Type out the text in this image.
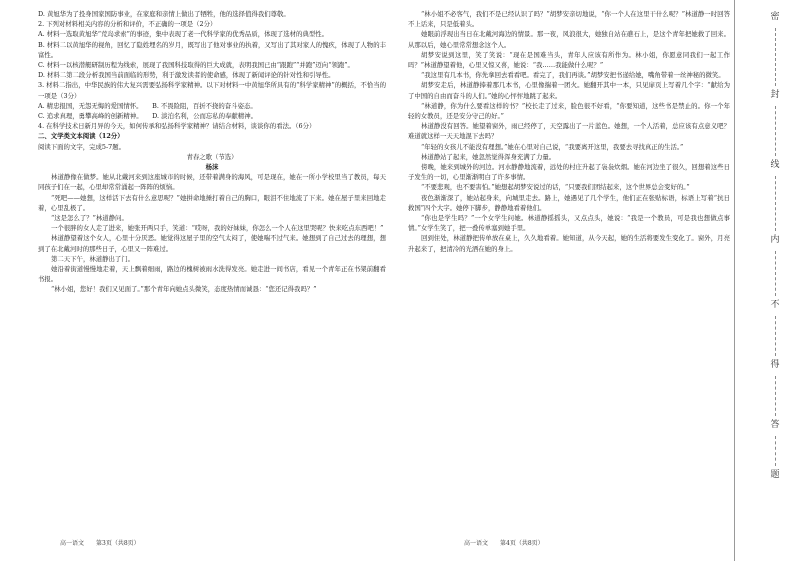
D. 黄旭华为了投身国家国防事业，在家庭和亲情上做出了牺牲，他的选择值得我们尊敬。

2. 下列对材料相关内容的分析和评价，不正确的一项是（2分）

A. 材料一选取黄旭华“荒岛求索”的事迹，集中表现了老一代科学家的优秀品质，体现了选材的典型性。

B. 材料二以黄旭华的视角，回忆了隐姓埋名的岁月，既写出了他对事业的执着，又写出了其对家人的愧疚，体现了人物的丰富性。

C. 材料一以核潜艇研制历程为线索，展现了我国科技取得的巨大成就，表明我国已由“跟跑”“并跑”迈向“领跑”。

D. 材料二第二段分析我国当前面临的形势，利于激发读者的使命感，体现了新闻评论的针对性和引导性。

3. 材料二指出，中华民族的伟大复兴需要弘扬科学家精神。以下对材料一中黄旭华所具有的“科学家精神”的概括，不恰当的一项是（3分）

A. 精忠报国，无怨无悔的爱国情怀。　　B. 不畏险阻，百折不挠的奋斗姿态。

C. 追求真理，勇攀高峰的创新精神。　　D. 淡泊名利，公而忘私的奉献精神。

4. 在科学技术日新月异的今天，如何传承和弘扬科学家精神？请结合材料，谈谈你的看法。（6分）

二、文学类文本阅读（12分）

阅读下面的文字，完成5-7题。

青春之歌（节选）

杨沫

林道静像在做梦。她从北戴河来到这座城市的时候，还带着满身的海风，可是现在，她在一所小学校里当了教员，每天同孩子们在一起，心里却常常涌起一阵阵的烦恼。

“死吧——她想，这样活下去有什么意思呢？”她拼命地捶打着自己的胸口，眼泪不住地流了下来。她在屋子里来回地走着，心里乱极了。

“这是怎么了？”林道静问。

一个很胖的女人走了进来，她张开两只手，笑道：“哎呀，我的好妹妹，你怎么一个人在这里哭呢？快来吃点东西吧！”

林道静望着这个女人，心里十分厌恶。她觉得这屋子里的空气太闷了，使她喘不过气来。她想到了自己过去的理想，想到了在北戴河时的那些日子，心里又一阵难过。

第二天下午，林道静出了门。

她沿着街道慢慢地走着，天上飘着细雨，路边的槐树被雨水洗得发亮。她走进一间书店，看见一个青年正在书架前翻看书报。

“林小姐，您好！我们又见面了。”那个青年向她点头微笑，态度热情而诚恳：“您还记得我吗？”

高一语文　　第3页（共8页）

“林小姐不必客气，我们不是已经认识了吗？”胡梦安亲切地说，“你一个人在这里干什么呢？”林道静一时回答不上话来，只是低着头。

她眼前浮现出当日在北戴河海边的情景。那一夜，风浪很大，她独自站在礁石上，是这个青年把她救了回来。从那以后，她心里常常想念这个人。

胡梦安说到这里，笑了笑说：“现在是国难当头，青年人应该有所作为。林小姐，你愿意同我们一起工作吗？”林道静望着他，心里又惊又喜，她说：“我……我能做什么呢？”

“我这里有几本书，你先拿回去看看吧。看完了，我们再谈。”胡梦安把书递给她，嘴角带着一丝神秘的微笑。

胡梦安走后，林道静捧着那几本书，心里像揣着一团火。她翻开其中一本，只见扉页上写着几个字：“献给为了中国的自由而奋斗的人们。”她的心怦怦地跳了起来。

“林道静，你为什么要看这样的书？”校长走了过来，脸色很不好看，“你要知道，这些书是禁止的。你一个年轻的女教员，还是安分守己的好。”

林道静没有回答。她望着窗外，雨已经停了，天空露出了一片蓝色。她想，一个人活着，总应该有点意义吧？难道就这样一天天地混下去吗？

“年轻的女孩儿不能没有理想。”她在心里对自己说，“我要离开这里，我要去寻找真正的生活。”

林道静站了起来，她忽然觉得浑身充满了力量。

傍晚，她来到城外的河边。河水静静地流着，远处的村庄升起了袅袅炊烟。她在河边坐了很久，回想着这些日子发生的一切，心里渐渐明白了许多事情。

“不要悲观，也不要害怕。”她想起胡梦安说过的话，“只要我们团结起来，这个世界总会变好的。”

夜色渐渐深了，她站起身来，向城里走去。路上，她遇见了几个学生，他们正在张贴标语，标语上写着“抗日救国”四个大字。她停下脚步，静静地看着他们。

“你也是学生吗？”一个女学生问她。林道静摇摇头，又点点头，她说：“我是一个教员，可是我也想做点事情。”女学生笑了，把一叠传单塞到她手里。

回到住处，林道静把传单放在桌上，久久地看着。她知道，从今天起，她的生活将要发生变化了。窗外，月亮升起来了，把清冷的光洒在她的身上。

高一语文　　第4页（共8页）
密
封
线
内
不
得
答
题
